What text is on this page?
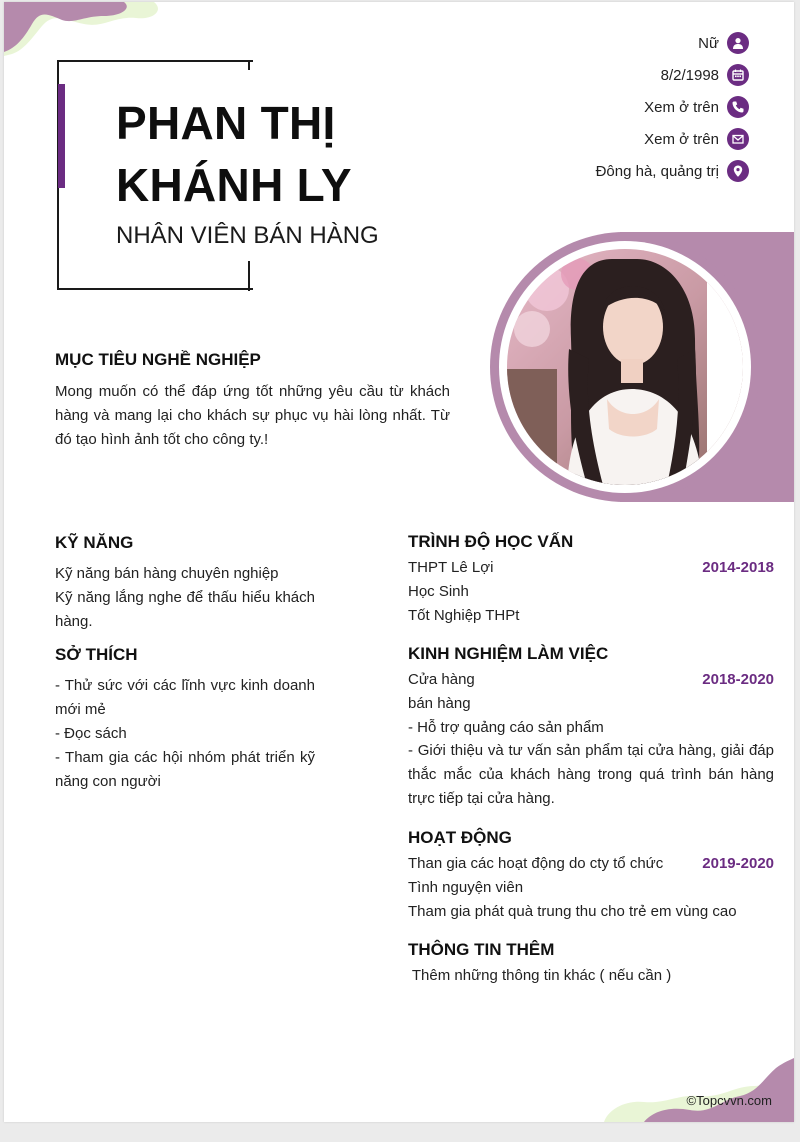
PHAN THỊ
KHÁNH LY
NHÂN VIÊN BÁN HÀNG
Nữ
8/2/1998
Xem ở trên
Xem ở trên
Đông hà, quảng trị
MỤC TIÊU NGHỀ NGHIỆP
Mong muốn có thể đáp ứng tốt những yêu cầu từ khách hàng và mang lại cho khách sự phục vụ hài lòng nhất. Từ đó tạo hình ảnh tốt cho công ty.!
KỸ NĂNG
Kỹ năng bán hàng chuyên nghiệp
Kỹ năng lắng nghe để thấu hiểu khách hàng.
SỞ THÍCH
- Thử sức với các lĩnh vực kinh doanh mới mẻ
- Đọc sách
- Tham gia các hội nhóm phát triển kỹ năng con người
TRÌNH ĐỘ HỌC VẤN
THPT Lê Lợi	2014-2018
Học Sinh
Tốt Nghiệp THPt
KINH NGHIỆM LÀM VIỆC
Cửa hàng	2018-2020
bán hàng
- Hỗ trợ quảng cáo sản phẩm
- Giới thiệu và tư vấn sản phẩm tại cửa hàng, giải đáp thắc mắc của khách hàng trong quá trình bán hàng trực tiếp tại cửa hàng.
HOẠT ĐỘNG
Than gia các hoạt động do cty tổ chức	2019-2020
Tình nguyện viên
Tham gia phát quà trung thu cho trẻ em vùng cao
THÔNG TIN THÊM
Thêm những thông tin khác ( nếu cần )
©Topcvvn.com
